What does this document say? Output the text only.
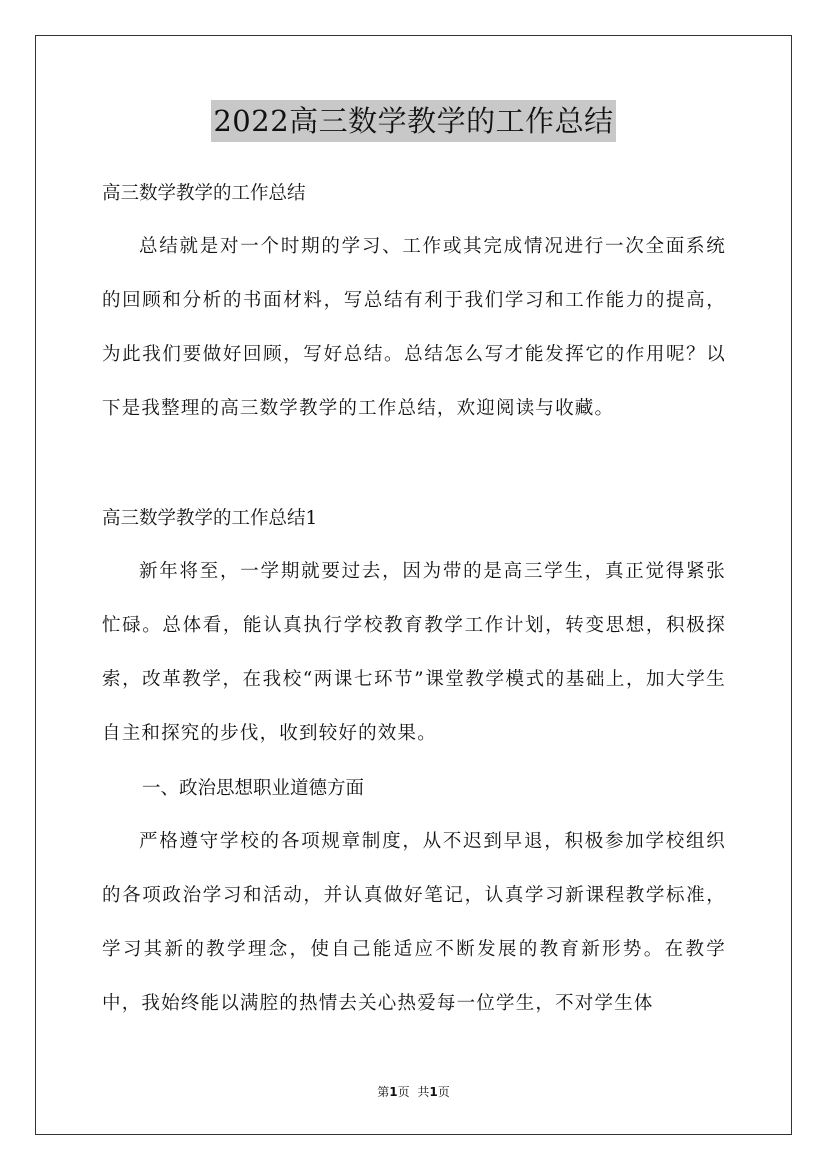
2022高三数学教学的工作总结
高三数学教学的工作总结

总结就是对一个时期的学习、工作或其完成情况进行一次全面系统的回顾和分析的书面材料，写总结有利于我们学习和工作能力的提高，为此我们要做好回顾，写好总结。总结怎么写才能发挥它的作用呢？以下是我整理的高三数学教学的工作总结，欢迎阅读与收藏。

高三数学教学的工作总结1

新年将至，一学期就要过去，因为带的是高三学生，真正觉得紧张忙碌。总体看，能认真执行学校教育教学工作计划，转变思想，积极探索，改革教学，在我校“两课七环节”课堂教学模式的基础上，加大学生自主和探究的步伐，收到较好的效果。

一、政治思想职业道德方面

严格遵守学校的各项规章制度，从不迟到早退，积极参加学校组织的各项政治学习和活动，并认真做好笔记，认真学习新课程教学标准，学习其新的教学理念，使自己能适应不断发展的教育新形势。在教学中，我始终能以满腔的热情去关心热爱每一位学生，不对学生体

第1页 共1页
